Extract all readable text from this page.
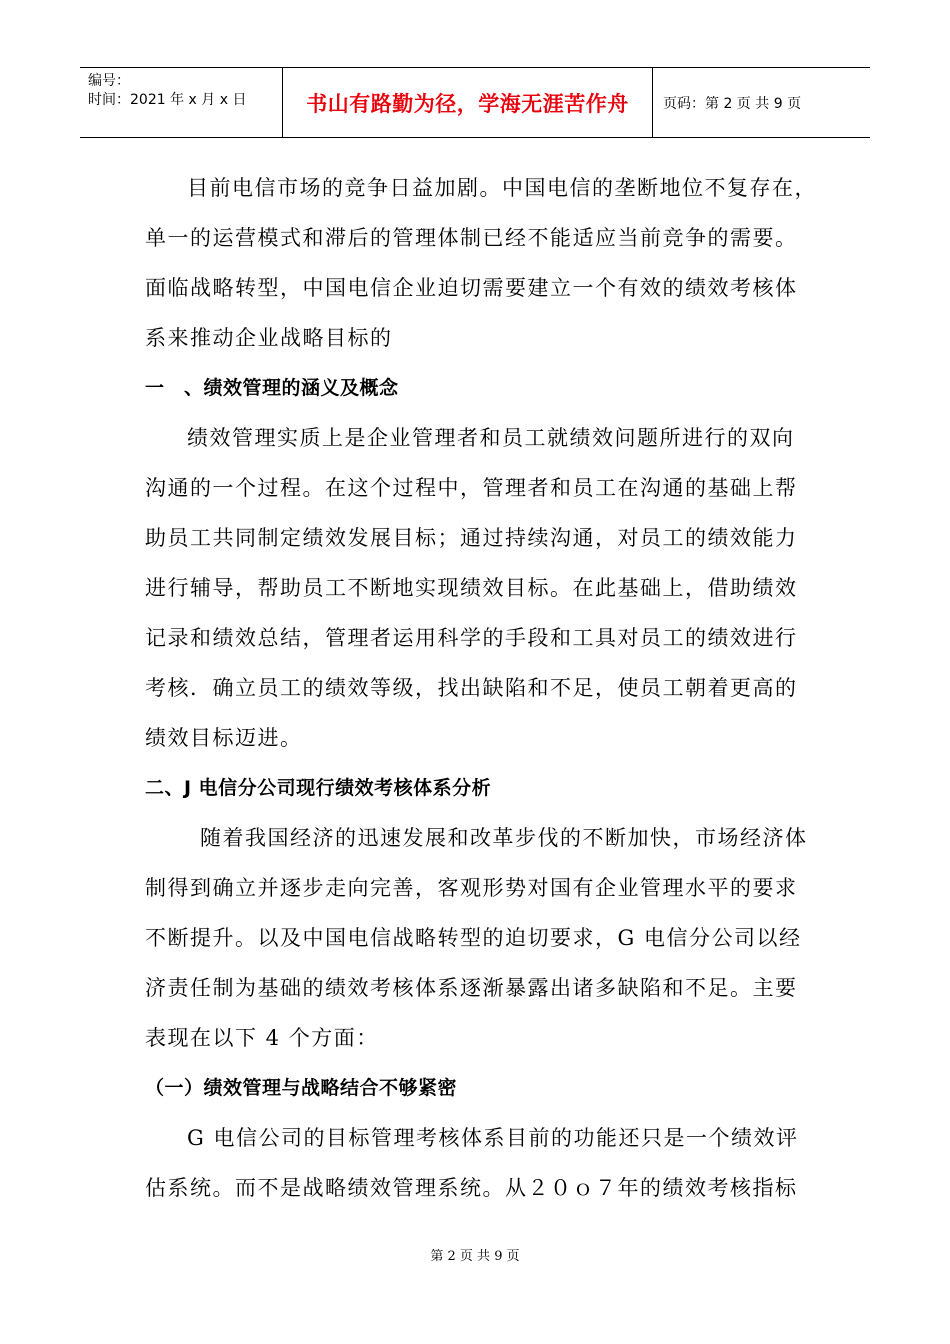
编号：
时间：2021 年 x 月 x 日	书山有路勤为径，学海无涯苦作舟 页码：第 2 页 共 9 页
目前电信市场的竞争日益加剧。中国电信的垄断地位不复存在，
单一的运营模式和滞后的管理体制已经不能适应当前竞争的需要。
面临战略转型，中国电信企业迫切需要建立一个有效的绩效考核体
系来推动企业战略目标的
一　、绩效管理的涵义及概念
绩效管理实质上是企业管理者和员工就绩效问题所进行的双向
沟通的一个过程。在这个过程中，管理者和员工在沟通的基础上帮
助员工共同制定绩效发展目标；通过持续沟通，对员工的绩效能力
进行辅导，帮助员工不断地实现绩效目标。在此基础上，借助绩效
记录和绩效总结，管理者运用科学的手段和工具对员工的绩效进行
考核．确立员工的绩效等级，找出缺陷和不足，使员工朝着更高的
绩效目标迈进。
二、J 电信分公司现行绩效考核体系分析
随着我国经济的迅速发展和改革步伐的不断加快，市场经济体
制得到确立并逐步走向完善，客观形势对国有企业管理水平的要求
不断提升。以及中国电信战略转型的迫切要求，G 电信分公司以经
济责任制为基础的绩效考核体系逐渐暴露出诸多缺陷和不足。主要
表现在以下 4 个方面：
（一）绩效管理与战略结合不够紧密
G 电信公司的目标管理考核体系目前的功能还只是一个绩效评
估系统。而不是战略绩效管理系统。从２０ｏ７年的绩效考核指标
第 2 页 共 9 页
